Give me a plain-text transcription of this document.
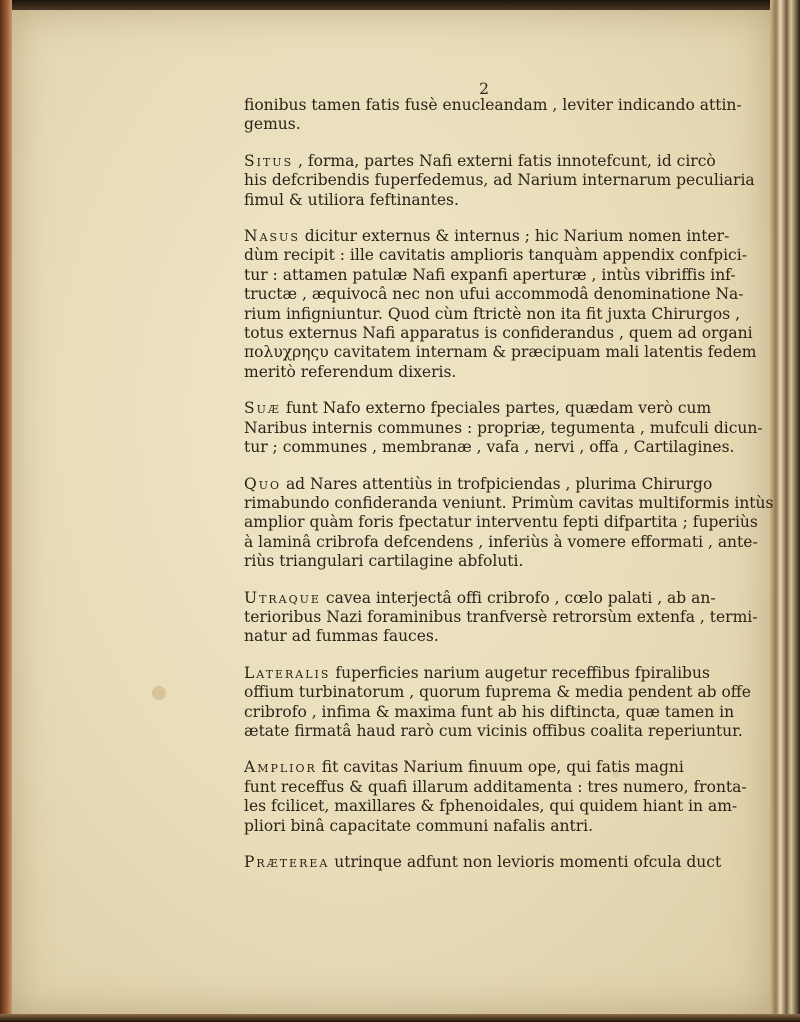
2
fionibus tamen fatis fusè enucleandam , leviter indicando attin-
gemus.
Situs , forma, partes Nafi externi fatis innotefcunt, id circò
his defcribendis fuperfedemus, ad Narium internarum peculiaria
fimul & utiliora feftinantes.
Nasus dicitur externus & internus ; hic Narium nomen inter-
dùm recipit : ille cavitatis amplioris tanquàm appendix confpici-
tur : attamen patulæ Nafi expanfi aperturæ , intùs vibriffis inf-
tructæ , æquivocâ nec non ufui accommodâ denominatione Na-
rium infigniuntur. Quod cùm ftrictè non ita fit juxta Chirurgos ,
totus externus Nafi apparatus is confiderandus , quem ad organi
πολυχρηςυ cavitatem internam & præcipuam mali latentis fedem
meritò referendum dixeris.
Suæ funt Nafo externo fpeciales partes, quædam verò cum
Naribus internis communes : propriæ, tegumenta , mufculi dicun-
tur ; communes , membranæ , vafa , nervi , offa , Cartilagines.
Quo ad Nares attentiùs in trofpiciendas , plurima Chirurgo
rimabundo confideranda veniunt. Primùm cavitas multiformis intùs
amplior quàm foris fpectatur interventu fepti difpartita ; fuperiùs
à laminâ cribrofa defcendens , inferiùs à vomere efformati , ante-
riùs triangulari cartilagine abfoluti.
Utraque cavea interjectâ offi cribrofo , cœlo palati , ab an-
terioribus Nazi foraminibus tranfversè retrorsùm extenfa , termi-
natur ad fummas fauces.
Lateralis fuperficies narium augetur receffibus fpiralibus
offium turbinatorum , quorum fuprema & media pendent ab offe
cribrofo , infima & maxima funt ab his diftincta, quæ tamen in
ætate firmatâ haud rarò cum vicinis offibus coalita reperiuntur.
Amplior fit cavitas Narium finuum ope, qui fatis magni
funt receffus & quafi illarum additamenta : tres numero, fronta-
les fcilicet, maxillares & fphenoidales, qui quidem hiant in am-
pliori binâ capacitate communi nafalis antri.
Præterea utrinque adfunt non levioris momenti ofcula duct
